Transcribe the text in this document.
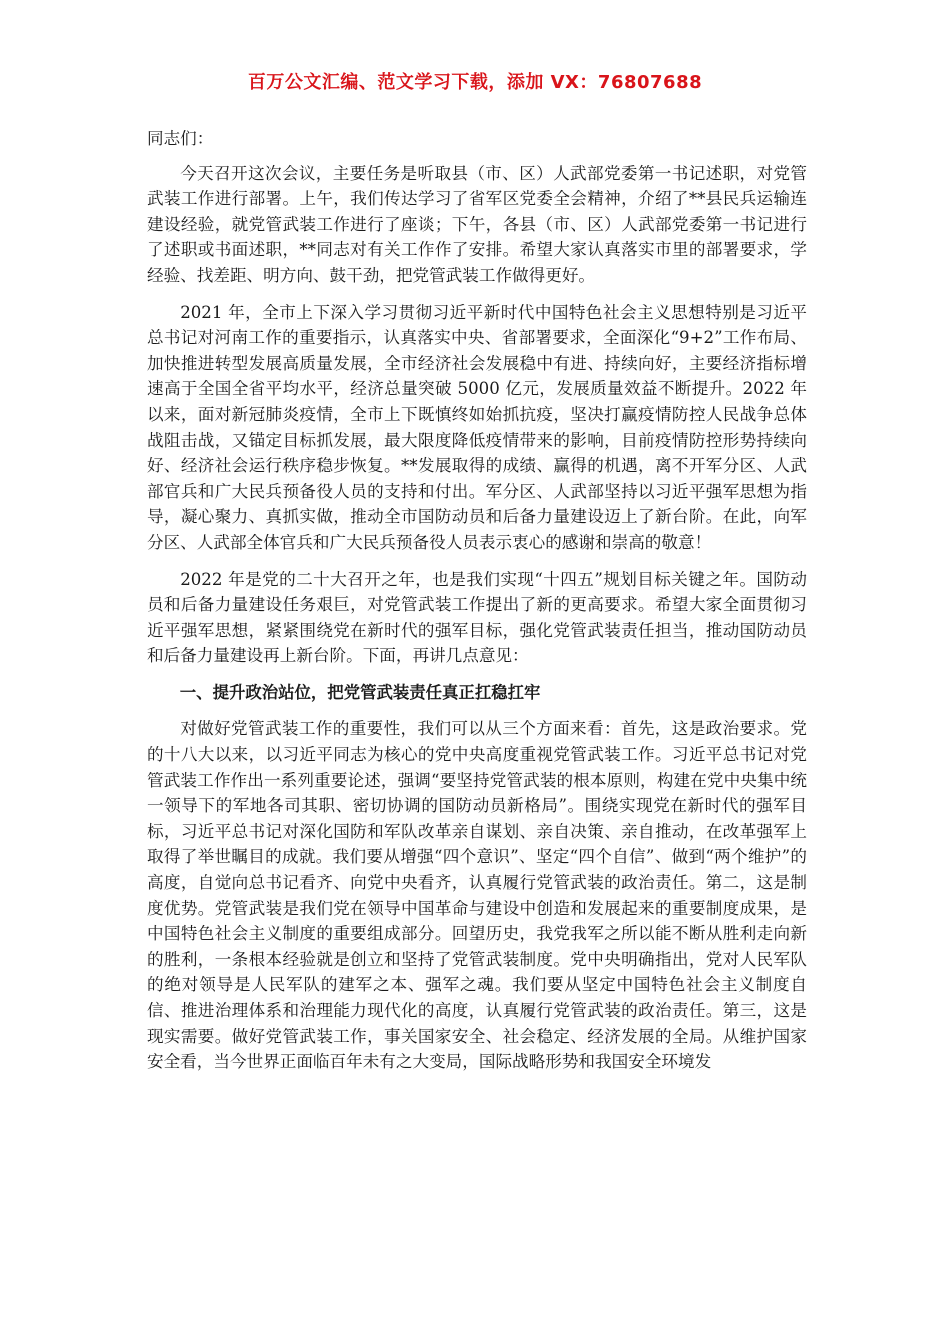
百万公文汇编、范文学习下载，添加 VX：76807688

同志们：

今天召开这次会议，主要任务是听取县（市、区）人武部党委第一书记述职，对党管武装工作进行部署。上午，我们传达学习了省军区党委全会精神，介绍了**县民兵运输连建设经验，就党管武装工作进行了座谈；下午，各县（市、区）人武部党委第一书记进行了述职或书面述职，**同志对有关工作作了安排。希望大家认真落实市里的部署要求，学经验、找差距、明方向、鼓干劲，把党管武装工作做得更好。

2021 年，全市上下深入学习贯彻习近平新时代中国特色社会主义思想特别是习近平总书记对河南工作的重要指示，认真落实中央、省部署要求，全面深化“9+2”工作布局、加快推进转型发展高质量发展，全市经济社会发展稳中有进、持续向好，主要经济指标增速高于全国全省平均水平，经济总量突破 5000 亿元，发展质量效益不断提升。2022 年以来，面对新冠肺炎疫情，全市上下既慎终如始抓抗疫，坚决打赢疫情防控人民战争总体战阻击战，又锚定目标抓发展，最大限度降低疫情带来的影响，目前疫情防控形势持续向好、经济社会运行秩序稳步恢复。**发展取得的成绩、赢得的机遇，离不开军分区、人武部官兵和广大民兵预备役人员的支持和付出。军分区、人武部坚持以习近平强军思想为指导，凝心聚力、真抓实做，推动全市国防动员和后备力量建设迈上了新台阶。在此，向军分区、人武部全体官兵和广大民兵预备役人员表示衷心的感谢和崇高的敬意！

2022 年是党的二十大召开之年，也是我们实现“十四五”规划目标关键之年。国防动员和后备力量建设任务艰巨，对党管武装工作提出了新的更高要求。希望大家全面贯彻习近平强军思想，紧紧围绕党在新时代的强军目标，强化党管武装责任担当，推动国防动员和后备力量建设再上新台阶。下面，再讲几点意见：

一、提升政治站位，把党管武装责任真正扛稳扛牢

对做好党管武装工作的重要性，我们可以从三个方面来看：首先，这是政治要求。党的十八大以来，以习近平同志为核心的党中央高度重视党管武装工作。习近平总书记对党管武装工作作出一系列重要论述，强调“要坚持党管武装的根本原则，构建在党中央集中统一领导下的军地各司其职、密切协调的国防动员新格局”。围绕实现党在新时代的强军目标，习近平总书记对深化国防和军队改革亲自谋划、亲自决策、亲自推动，在改革强军上取得了举世瞩目的成就。我们要从增强“四个意识”、坚定“四个自信”、做到“两个维护”的高度，自觉向总书记看齐、向党中央看齐，认真履行党管武装的政治责任。第二，这是制度优势。党管武装是我们党在领导中国革命与建设中创造和发展起来的重要制度成果，是中国特色社会主义制度的重要组成部分。回望历史，我党我军之所以能不断从胜利走向新的胜利，一条根本经验就是创立和坚持了党管武装制度。党中央明确指出，党对人民军队的绝对领导是人民军队的建军之本、强军之魂。我们要从坚定中国特色社会主义制度自信、推进治理体系和治理能力现代化的高度，认真履行党管武装的政治责任。第三，这是现实需要。做好党管武装工作，事关国家安全、社会稳定、经济发展的全局。从维护国家安全看，当今世界正面临百年未有之大变局，国际战略形势和我国安全环境发
